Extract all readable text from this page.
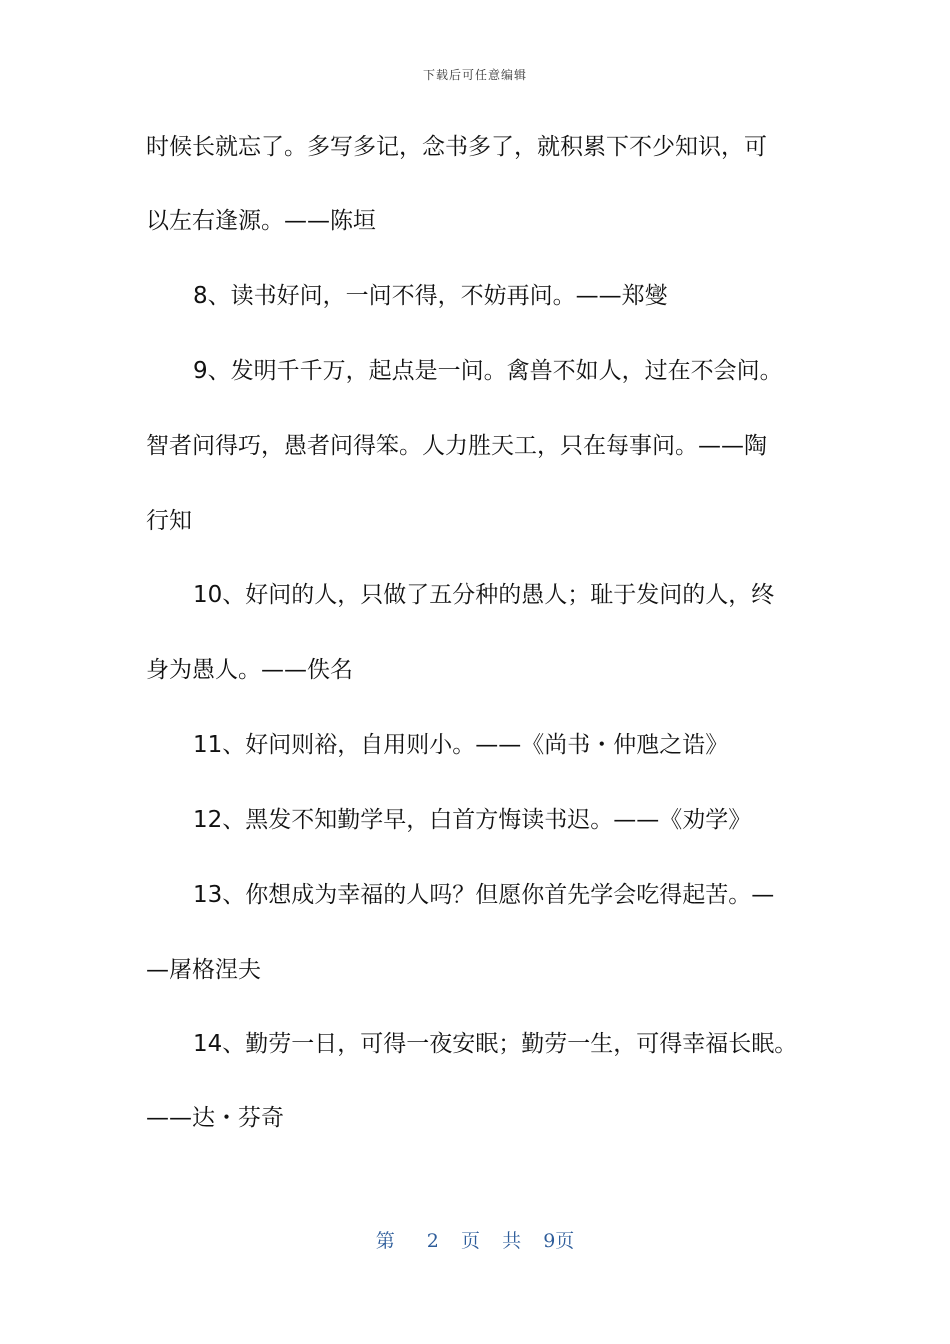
下载后可任意编辑
时候长就忘了。多写多记，念书多了，就积累下不少知识，可
以左右逢源。——陈垣
8、读书好问，一问不得，不妨再问。——郑燮
9、发明千千万，起点是一问。禽兽不如人，过在不会问。
智者问得巧，愚者问得笨。人力胜天工，只在每事问。——陶
行知
10、好问的人，只做了五分种的愚人；耻于发问的人，终
身为愚人。——佚名
11、好问则裕，自用则小。——《尚书・仲虺之诰》
12、黑发不知勤学早，白首方悔读书迟。——《劝学》
13、你想成为幸福的人吗？但愿你首先学会吃得起苦。—
—屠格涅夫
14、勤劳一日，可得一夜安眠；勤劳一生，可得幸福长眠。
——达・芬奇
第 2 页 共 9页
